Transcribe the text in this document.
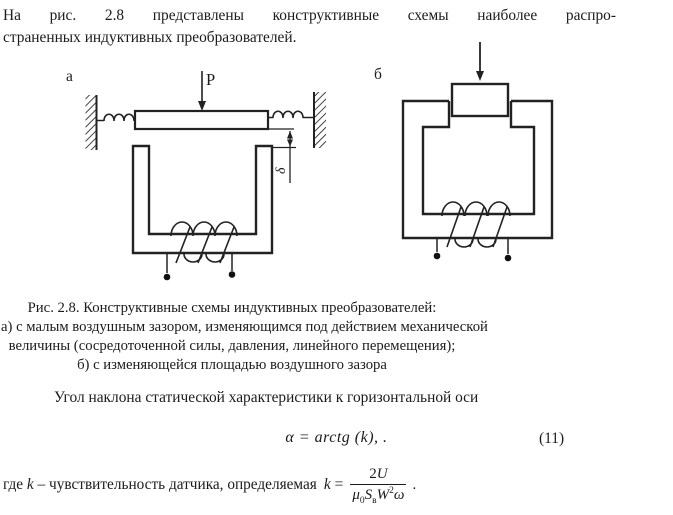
На рис. 2.8 представлены конструктивные схемы наиболее распро-
страненных индуктивных преобразователей.
а	P
δ
б
Рис. 2.8. Конструктивные схемы индуктивных преобразователей:
а) с малым воздушным зазором, изменяющимся под действием механической
величины (сосредоточенной силы, давления, линейного перемещения);
б) с изменяющейся площадью воздушного зазора
Угол наклона статической характеристики к горизонтальной оси
α = arctg (k), .	(11)
где k – чувствительность датчика, определяемая $k = \frac{2U}{\mu_0S_вW^2\omega}$ .
